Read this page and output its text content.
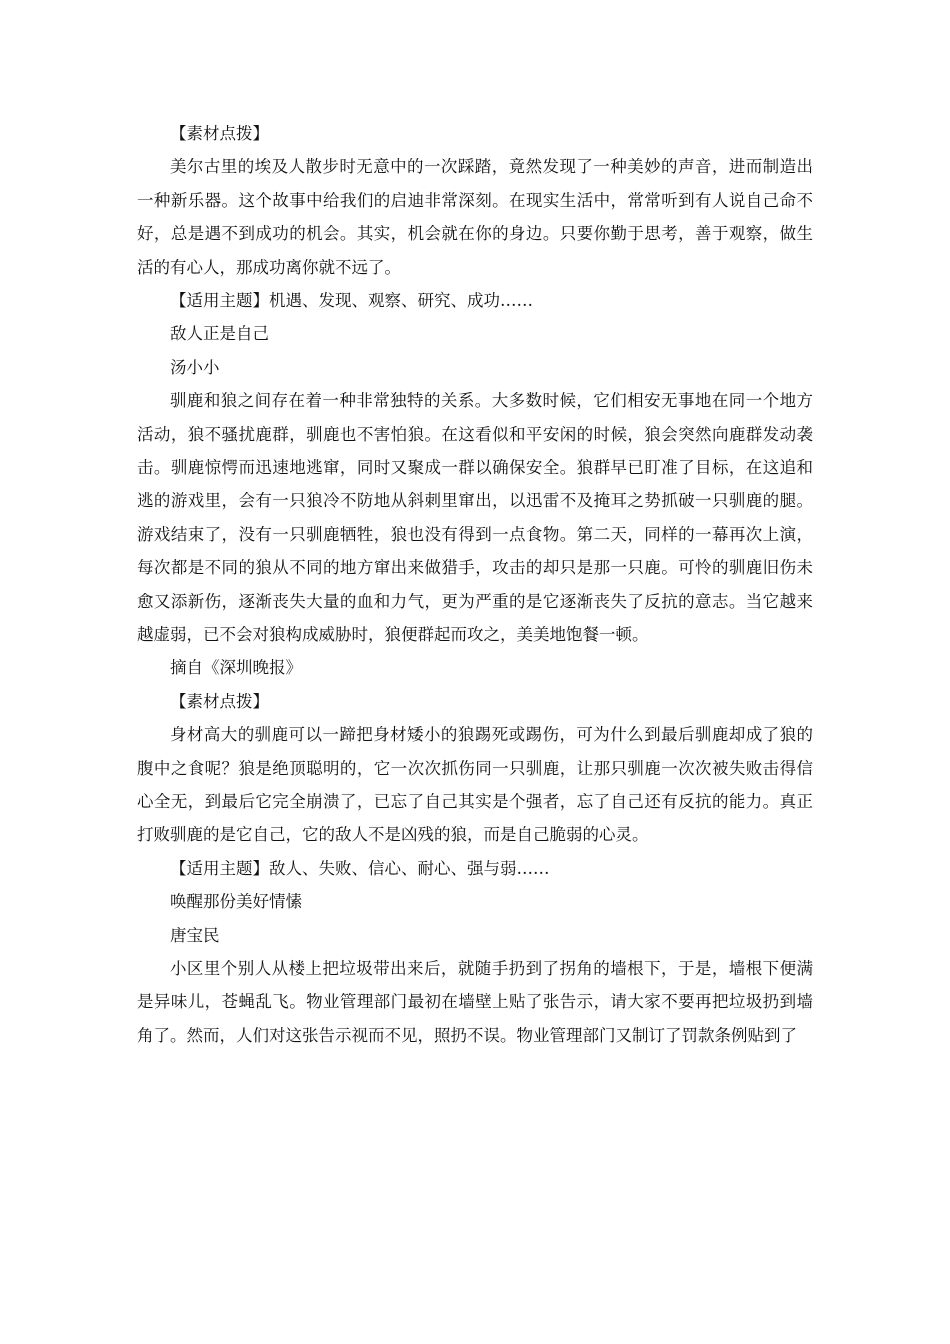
【素材点拨】

美尔古里的埃及人散步时无意中的一次踩踏，竟然发现了一种美妙的声音，进而制造出一种新乐器。这个故事中给我们的启迪非常深刻。在现实生活中，常常听到有人说自己命不好，总是遇不到成功的机会。其实，机会就在你的身边。只要你勤于思考，善于观察，做生活的有心人，那成功离你就不远了。

【适用主题】机遇、发现、观察、研究、成功……

敌人正是自己

汤小小

驯鹿和狼之间存在着一种非常独特的关系。大多数时候，它们相安无事地在同一个地方活动，狼不骚扰鹿群，驯鹿也不害怕狼。在这看似和平安闲的时候，狼会突然向鹿群发动袭击。驯鹿惊愕而迅速地逃窜，同时又聚成一群以确保安全。狼群早已盯准了目标，在这追和逃的游戏里，会有一只狼冷不防地从斜刺里窜出，以迅雷不及掩耳之势抓破一只驯鹿的腿。游戏结束了，没有一只驯鹿牺牲，狼也没有得到一点食物。第二天，同样的一幕再次上演，每次都是不同的狼从不同的地方窜出来做猎手，攻击的却只是那一只鹿。可怜的驯鹿旧伤未愈又添新伤，逐渐丧失大量的血和力气，更为严重的是它逐渐丧失了反抗的意志。当它越来越虚弱，已不会对狼构成威胁时，狼便群起而攻之，美美地饱餐一顿。

摘自《深圳晚报》

【素材点拨】

身材高大的驯鹿可以一蹄把身材矮小的狼踢死或踢伤，可为什么到最后驯鹿却成了狼的腹中之食呢？狼是绝顶聪明的，它一次次抓伤同一只驯鹿，让那只驯鹿一次次被失败击得信心全无，到最后它完全崩溃了，已忘了自己其实是个强者，忘了自己还有反抗的能力。真正打败驯鹿的是它自己，它的敌人不是凶残的狼，而是自己脆弱的心灵。

【适用主题】敌人、失败、信心、耐心、强与弱……

唤醒那份美好情愫

唐宝民

小区里个别人从楼上把垃圾带出来后，就随手扔到了拐角的墙根下，于是，墙根下便满是异味儿，苍蝇乱飞。物业管理部门最初在墙壁上贴了张告示，请大家不要再把垃圾扔到墙角了。然而，人们对这张告示视而不见，照扔不误。物业管理部门又制订了罚款条例贴到了
